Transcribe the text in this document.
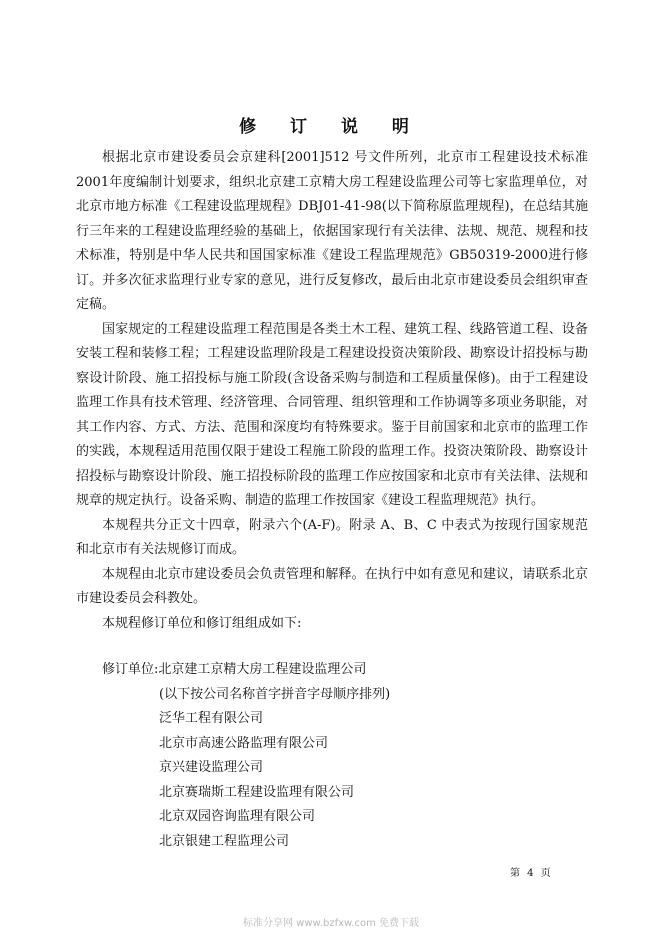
修 订 说 明

根据北京市建设委员会京建科[2001]512 号文件所列，北京市工程建设技术标准2001年度编制计划要求，组织北京建工京精大房工程建设监理公司等七家监理单位，对北京市地方标准《工程建设监理规程》DBJ01-41-98(以下简称原监理规程)，在总结其施行三年来的工程建设监理经验的基础上，依据国家现行有关法律、法规、规范、规程和技术标准，特别是中华人民共和国国家标准《建设工程监理规范》GB50319-2000进行修订。并多次征求监理行业专家的意见，进行反复修改，最后由北京市建设委员会组织审查定稿。

国家规定的工程建设监理工程范围是各类土木工程、建筑工程、线路管道工程、设备安装工程和装修工程；工程建设监理阶段是工程建设投资决策阶段、勘察设计招投标与勘察设计阶段、施工招投标与施工阶段(含设备采购与制造和工程质量保修)。由于工程建设监理工作具有技术管理、经济管理、合同管理、组织管理和工作协调等多项业务职能，对其工作内容、方式、方法、范围和深度均有特殊要求。鉴于目前国家和北京市的监理工作的实践，本规程适用范围仅限于建设工程施工阶段的监理工作。投资决策阶段、勘察设计招投标与勘察设计阶段、施工招投标阶段的监理工作应按国家和北京市有关法律、法规和规章的规定执行。设备采购、制造的监理工作按国家《建设工程监理规范》执行。

本规程共分正文十四章，附录六个(A-F)。附录 A、B、C 中表式为按现行国家规范和北京市有关法规修订而成。

本规程由北京市建设委员会负责管理和解释。在执行中如有意见和建议，请联系北京市建设委员会科教处。

本规程修订单位和修订组组成如下:

修订单位:北京建工京精大房工程建设监理公司
(以下按公司名称首字拼音字母顺序排列)
泛华工程有限公司
北京市高速公路监理有限公司
京兴建设监理公司
北京赛瑞斯工程建设监理有限公司
北京双园咨询监理有限公司
北京银建工程监理公司
第 4 页
标准分享网 www.bzfxw.com 免费下载
